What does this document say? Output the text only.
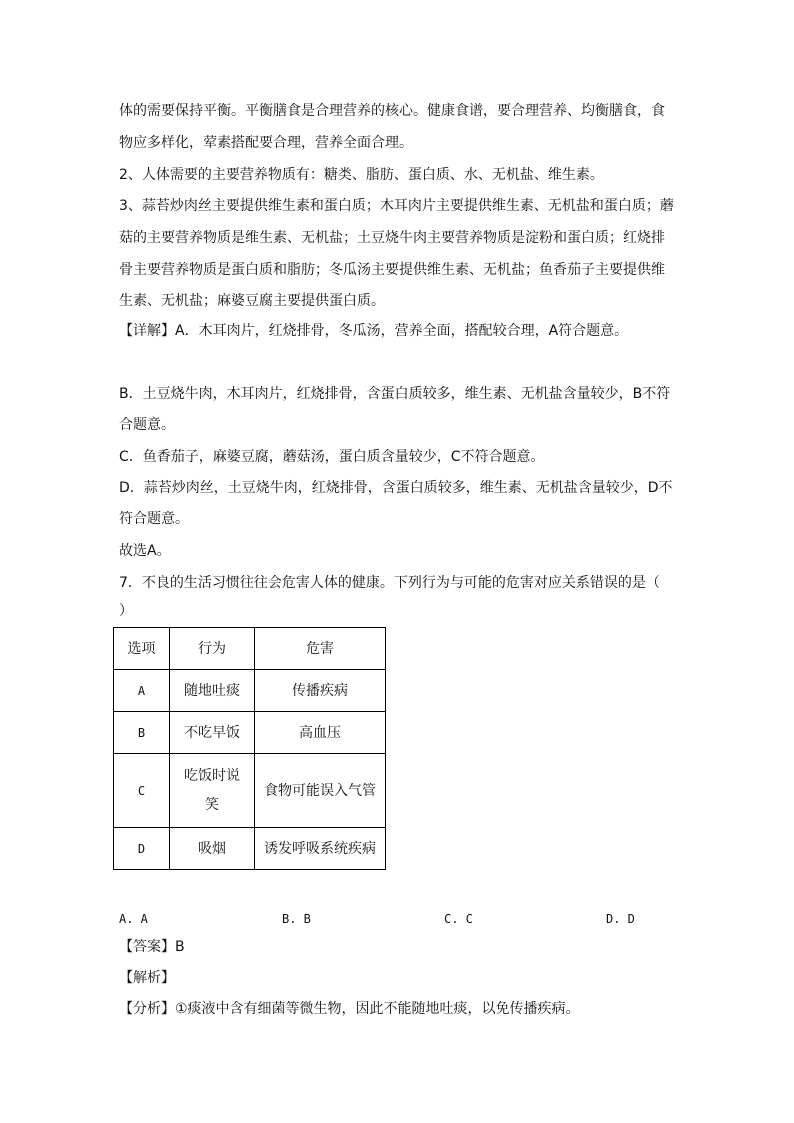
体的需要保持平衡。平衡膳食是合理营养的核心。健康食谱，要合理营养、均衡膳食，食
物应多样化，荤素搭配要合理，营养全面合理。
2、人体需要的主要营养物质有：糖类、脂肪、蛋白质、水、无机盐、维生素。
3、蒜苔炒肉丝主要提供维生素和蛋白质；木耳肉片主要提供维生素、无机盐和蛋白质；蘑
菇的主要营养物质是维生素、无机盐；土豆烧牛肉主要营养物质是淀粉和蛋白质；红烧排
骨主要营养物质是蛋白质和脂肪；冬瓜汤主要提供维生素、无机盐；鱼香茄子主要提供维
生素、无机盐；麻婆豆腐主要提供蛋白质。
【详解】A．木耳肉片，红烧排骨，冬瓜汤，营养全面，搭配较合理，A符合题意。
B．土豆烧牛肉，木耳肉片，红烧排骨，含蛋白质较多，维生素、无机盐含量较少，B不符
合题意。
C．鱼香茄子，麻婆豆腐，蘑菇汤，蛋白质含量较少，C不符合题意。
D．蒜苔炒肉丝，土豆烧牛肉，红烧排骨，含蛋白质较多，维生素、无机盐含量较少，D不
符合题意。
故选A。
7．不良的生活习惯往往会危害人体的健康。下列行为与可能的危害对应关系错误的是（
）
选项	行为	危害
A	随地吐痰	传播疾病
B	不吃早饭	高血压
C	吃饭时说笑	食物可能误入气管
D	吸烟	诱发呼吸系统疾病
A. A	B. B	C. C	D. D
【答案】B
【解析】
【分析】①痰液中含有细菌等微生物，因此不能随地吐痰，以免传播疾病。
